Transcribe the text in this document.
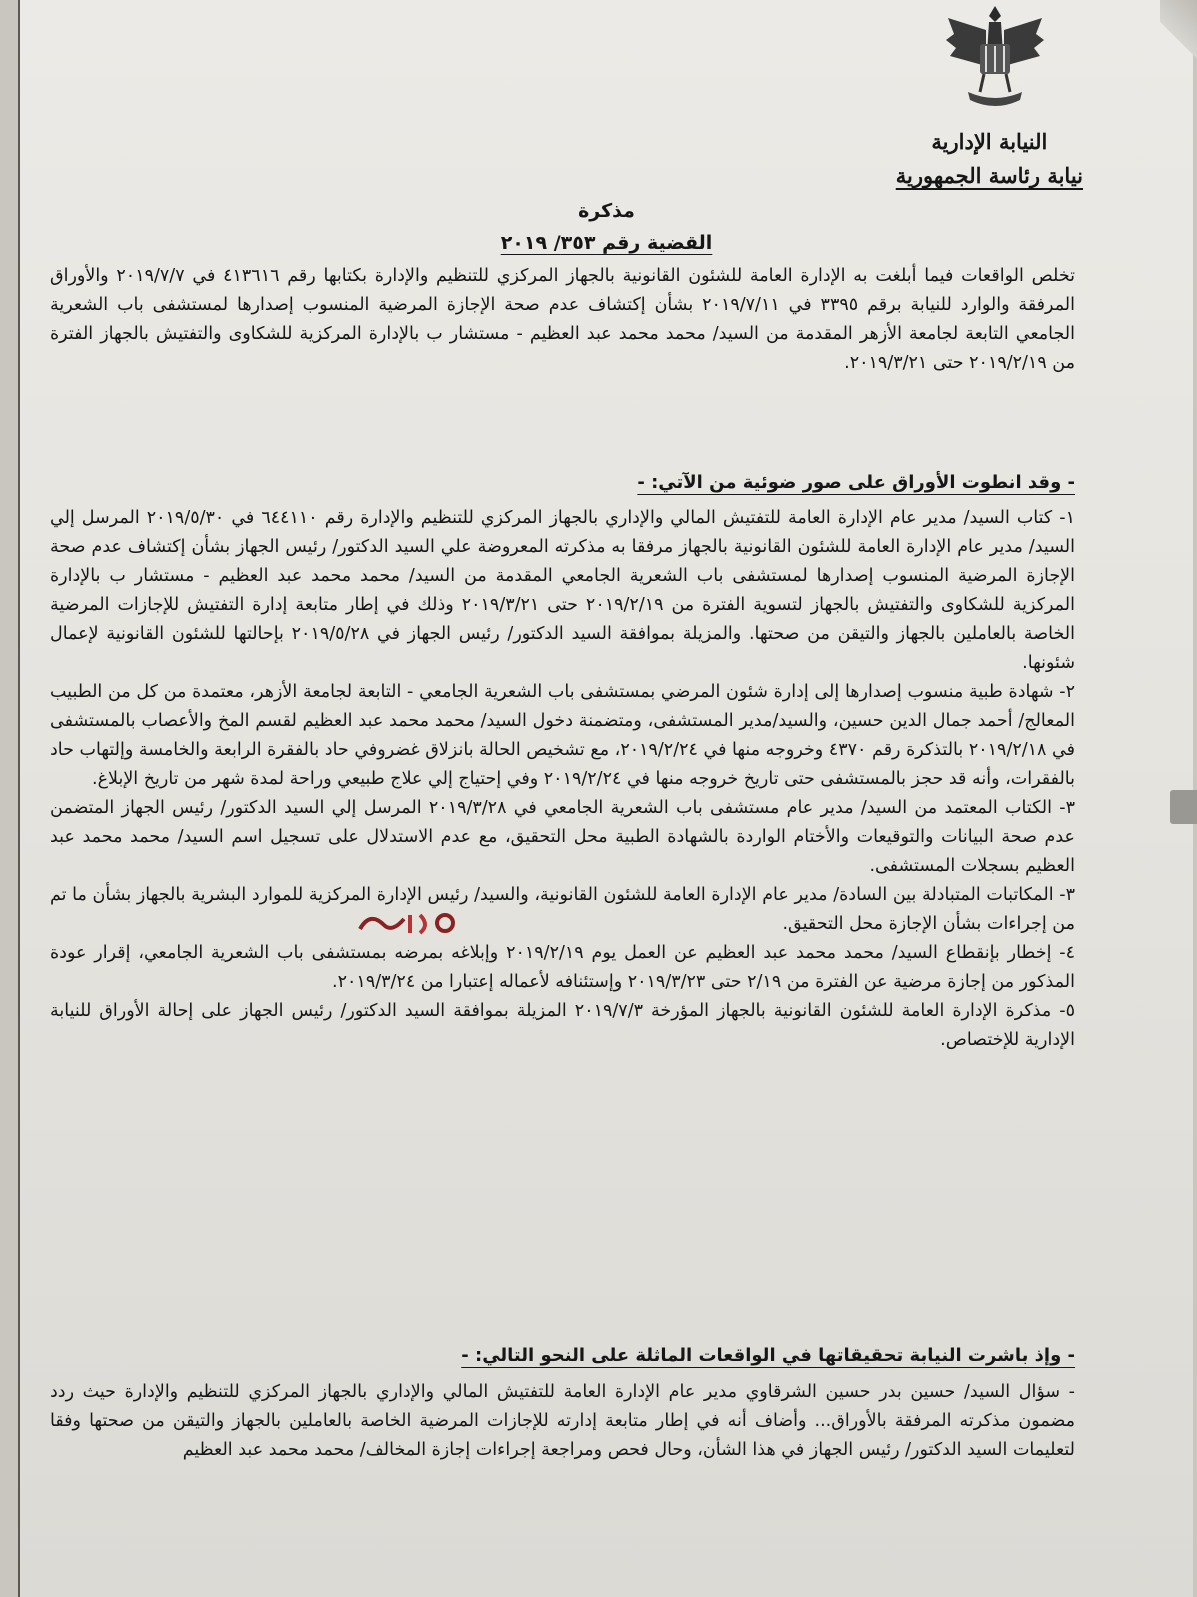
النيابة الإدارية
نيابة رئاسة الجمهورية
مذكرة
القضية رقم ٣٥٣/ ٢٠١٩
تخلص الواقعات فيما أبلغت به الإدارة العامة للشئون القانونية بالجهاز المركزي للتنظيم والإدارة بكتابها رقم ٤١٣٦١٦ في ٢٠١٩/٧/٧ والأوراق المرفقة والوارد للنيابة برقم ٣٣٩٥ في ٢٠١٩/٧/١١ بشأن إكتشاف عدم صحة الإجازة المرضية المنسوب إصدارها لمستشفى باب الشعرية الجامعي التابعة لجامعة الأزهر المقدمة من السيد/ محمد محمد عبد العظيم - مستشار ب بالإدارة المركزية للشكاوى والتفتيش بالجهاز الفترة من ٢٠١٩/٢/١٩ حتى ٢٠١٩/٣/٢١.
- وقد انطوت الأوراق على صور ضوئية من الآتي: -

١- كتاب السيد/ مدير عام الإدارة العامة للتفتيش المالي والإداري بالجهاز المركزي للتنظيم والإدارة رقم ٦٤٤١١٠ في ٢٠١٩/٥/٣٠ المرسل إلي السيد/ مدير عام الإدارة العامة للشئون القانونية بالجهاز مرفقا به مذكرته المعروضة علي السيد الدكتور/ رئيس الجهاز بشأن إكتشاف عدم صحة الإجازة المرضية المنسوب إصدارها لمستشفى باب الشعرية الجامعي المقدمة من السيد/ محمد محمد عبد العظيم - مستشار ب بالإدارة المركزية للشكاوى والتفتيش بالجهاز لتسوية الفترة من ٢٠١٩/٢/١٩ حتى ٢٠١٩/٣/٢١ وذلك في إطار متابعة إدارة التفتيش للإجازات المرضية الخاصة بالعاملين بالجهاز والتيقن من صحتها. والمزيلة بموافقة السيد الدكتور/ رئيس الجهاز في ٢٠١٩/٥/٢٨ بإحالتها للشئون القانونية لإعمال شئونها.

٢- شهادة طبية منسوب إصدارها إلى إدارة شئون المرضي بمستشفى باب الشعرية الجامعي - التابعة لجامعة الأزهر، معتمدة من كل من الطبيب المعالج/ أحمد جمال الدين حسين، والسيد/مدير المستشفى، ومتضمنة دخول السيد/ محمد محمد عبد العظيم لقسم المخ والأعصاب بالمستشفى في ٢٠١٩/٢/١٨ بالتذكرة رقم ٤٣٧٠ وخروجه منها في ٢٠١٩/٢/٢٤، مع تشخيص الحالة بانزلاق غضروفي حاد بالفقرة الرابعة والخامسة وإلتهاب حاد بالفقرات، وأنه قد حجز بالمستشفى حتى تاريخ خروجه منها في ٢٠١٩/٢/٢٤ وفي إحتياج إلي علاج طبيعي وراحة لمدة شهر من تاريخ الإبلاغ.

٣- الكتاب المعتمد من السيد/ مدير عام مستشفى باب الشعرية الجامعي في ٢٠١٩/٣/٢٨ المرسل إلي السيد الدكتور/ رئيس الجهاز المتضمن عدم صحة البيانات والتوقيعات والأختام الواردة بالشهادة الطبية محل التحقيق، مع عدم الاستدلال على تسجيل اسم السيد/ محمد محمد عبد العظيم بسجلات المستشفى.

٣- المكاتبات المتبادلة بين السادة/ مدير عام الإدارة العامة للشئون القانونية، والسيد/ رئيس الإدارة المركزية للموارد البشرية بالجهاز بشأن ما تم من إجراءات بشأن الإجازة محل التحقيق.

٤- إخطار بإنقطاع السيد/ محمد محمد عبد العظيم عن العمل يوم ٢٠١٩/٢/١٩ وإبلاغه بمرضه بمستشفى باب الشعرية الجامعي، إقرار عودة المذكور من إجازة مرضية عن الفترة من ٢/١٩ حتى ٢٠١٩/٣/٢٣ وإستئنافه لأعماله إعتبارا من ٢٠١٩/٣/٢٤.

٥- مذكرة الإدارة العامة للشئون القانونية بالجهاز المؤرخة ٢٠١٩/٧/٣ المزيلة بموافقة السيد الدكتور/ رئيس الجهاز على إحالة الأوراق للنيابة الإدارية للإختصاص.

- وإذ باشرت النيابة تحقيقاتها في الواقعات الماثلة على النحو التالي: -
- سؤال السيد/ حسين بدر حسين الشرقاوي مدير عام الإدارة العامة للتفتيش المالي والإداري بالجهاز المركزي للتنظيم والإدارة حيث ردد مضمون مذكرته المرفقة بالأوراق... وأضاف أنه في إطار متابعة إدارته للإجازات المرضية الخاصة بالعاملين بالجهاز والتيقن من صحتها وفقا لتعليمات السيد الدكتور/ رئيس الجهاز في هذا الشأن، وحال فحص ومراجعة إجراءات إجازة المخالف/ محمد محمد عبد العظيم
